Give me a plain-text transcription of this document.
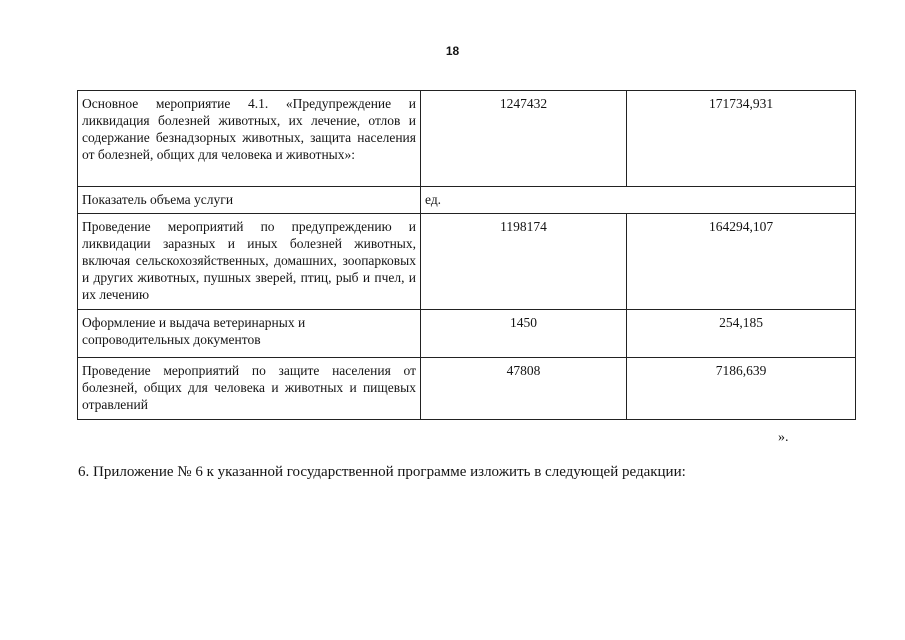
18
Основное мероприятие 4.1. «Предупреждение и ликвидация болезней животных, их лечение, отлов и содержание безнадзорных животных, защита населения от болезней, общих для человека и животных»:	1247432	171734,931
Показатель объема услуги	ед.	
Проведение мероприятий по предупреждению и ликвидации заразных и иных болезней животных, включая сельскохозяйственных, домашних, зоопарковых и других животных, пушных зверей, птиц, рыб и пчел, и их лечению	1198174	164294,107
Оформление и выдача ветеринарных и сопроводительных документов	1450	254,185
Проведение мероприятий по защите населения от болезней, общих для человека и животных и пищевых отравлений	47808	7186,639
».
6. Приложение № 6 к указанной государственной программе изложить в следующей редакции:
